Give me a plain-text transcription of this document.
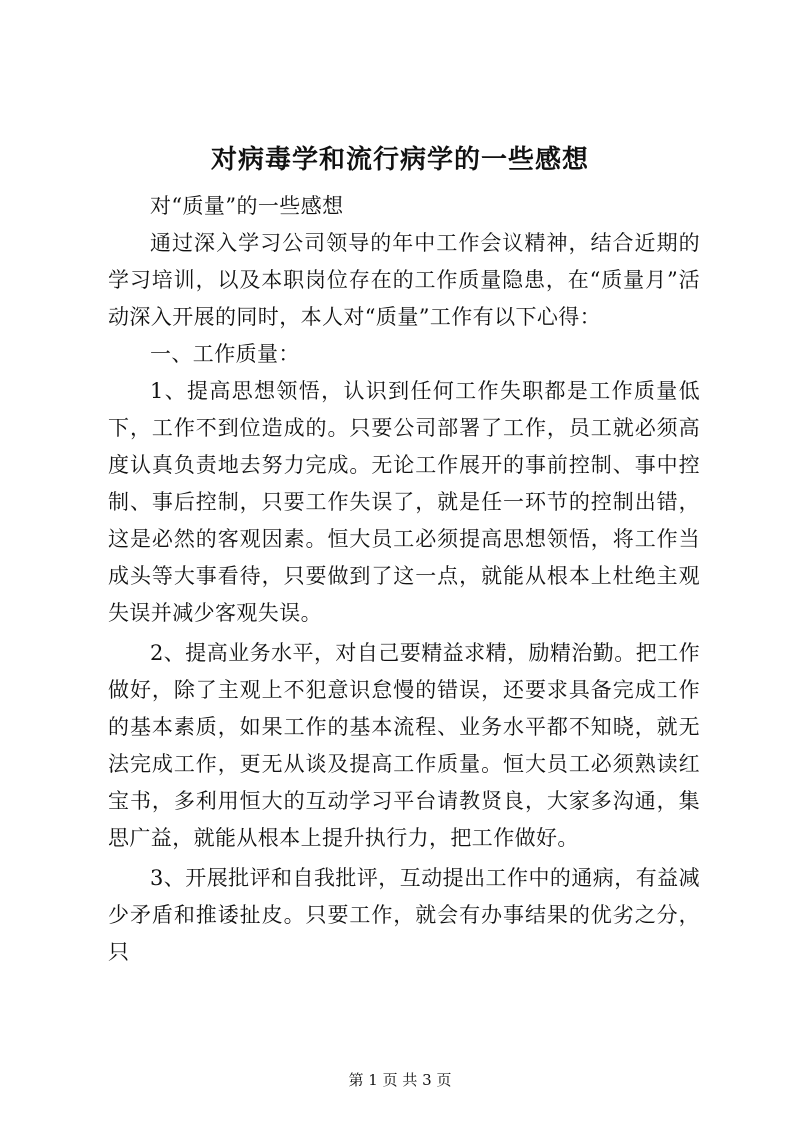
对病毒学和流行病学的一些感想

对“质量”的一些感想

通过深入学习公司领导的年中工作会议精神，结合近期的学习培训，以及本职岗位存在的工作质量隐患，在“质量月”活动深入开展的同时，本人对“质量”工作有以下心得：

一、工作质量：

1、提高思想领悟，认识到任何工作失职都是工作质量低下，工作不到位造成的。只要公司部署了工作，员工就必须高度认真负责地去努力完成。无论工作展开的事前控制、事中控制、事后控制，只要工作失误了，就是任一环节的控制出错，这是必然的客观因素。恒大员工必须提高思想领悟，将工作当成头等大事看待，只要做到了这一点，就能从根本上杜绝主观失误并减少客观失误。

2、提高业务水平，对自己要精益求精，励精治勤。把工作做好，除了主观上不犯意识怠慢的错误，还要求具备完成工作的基本素质，如果工作的基本流程、业务水平都不知晓，就无法完成工作，更无从谈及提高工作质量。恒大员工必须熟读红宝书，多利用恒大的互动学习平台请教贤良，大家多沟通，集思广益，就能从根本上提升执行力，把工作做好。

3、开展批评和自我批评，互动提出工作中的通病，有益减少矛盾和推诿扯皮。只要工作，就会有办事结果的优劣之分，只

第 1 页 共 3 页
